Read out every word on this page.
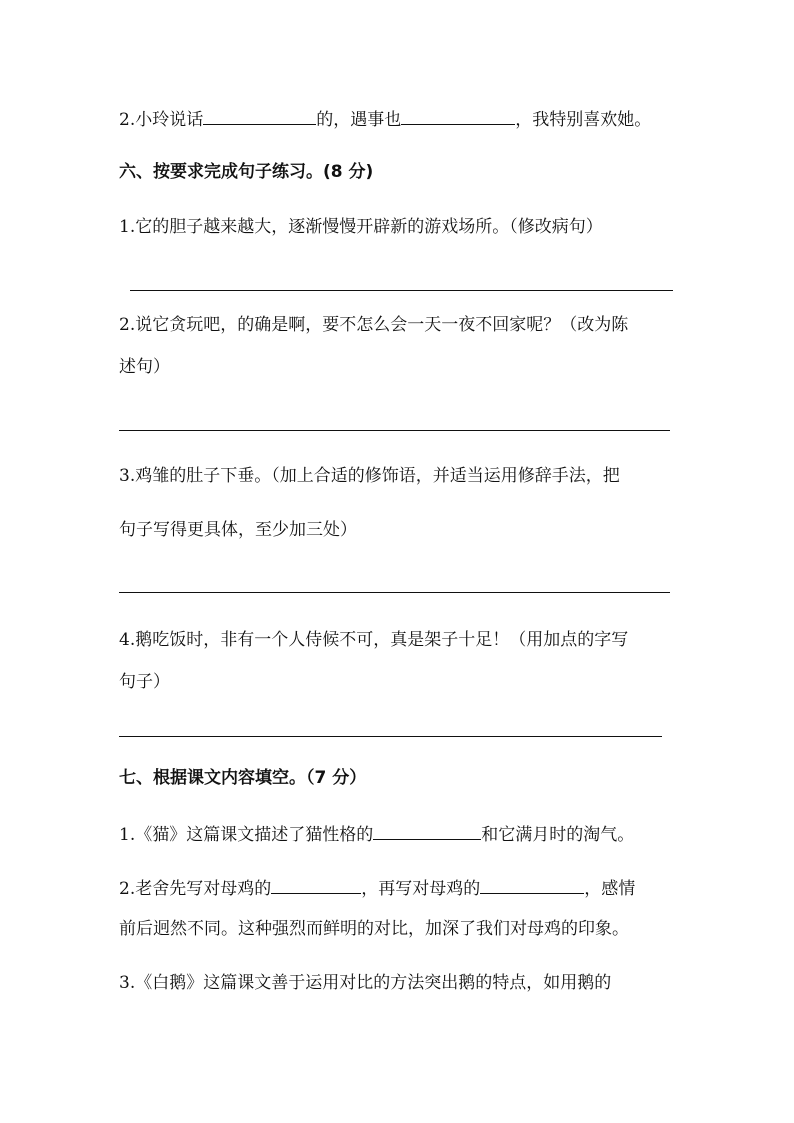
2.小玲说话	的，遇事也	，我特别喜欢她。
六、按要求完成句子练习。(8 分)
1.它的胆子越来越大，逐渐慢慢开辟新的游戏场所。（修改病句）
2.说它贪玩吧，的确是啊，要不怎么会一天一夜不回家呢？（改为陈
述句）
3.鸡雏的肚子下垂。（加上合适的修饰语，并适当运用修辞手法，把
句子写得更具体，至少加三处）
4.鹅吃饭时，非有一个人侍候不可，真是架子十足！（用加点的字写
句子）
七、根据课文内容填空。（7 分）
1.《猫》这篇课文描述了猫性格的	和它满月时的淘气。
2.老舍先写对母鸡的	，再写对母鸡的	，感情
前后迥然不同。这种强烈而鲜明的对比，加深了我们对母鸡的印象。
3.《白鹅》这篇课文善于运用对比的方法突出鹅的特点，如用鹅的
